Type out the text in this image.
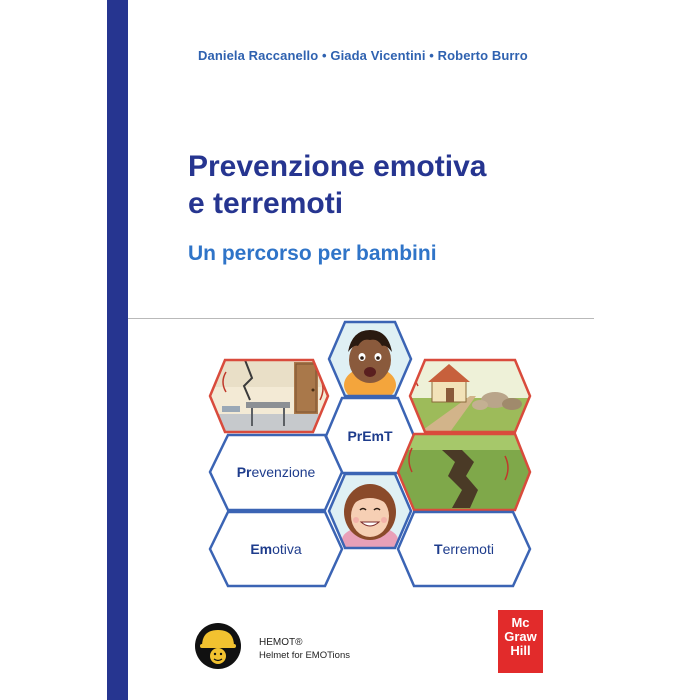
Daniela Raccanello • Giada Vicentini • Roberto Burro
Prevenzione emotiva
e terremoti
Un percorso per bambini
PrEmT
Prevenzione
Emotiva	Terremoti
HEMOT®
Helmet for EMOTions
Mc
Graw
Hill
